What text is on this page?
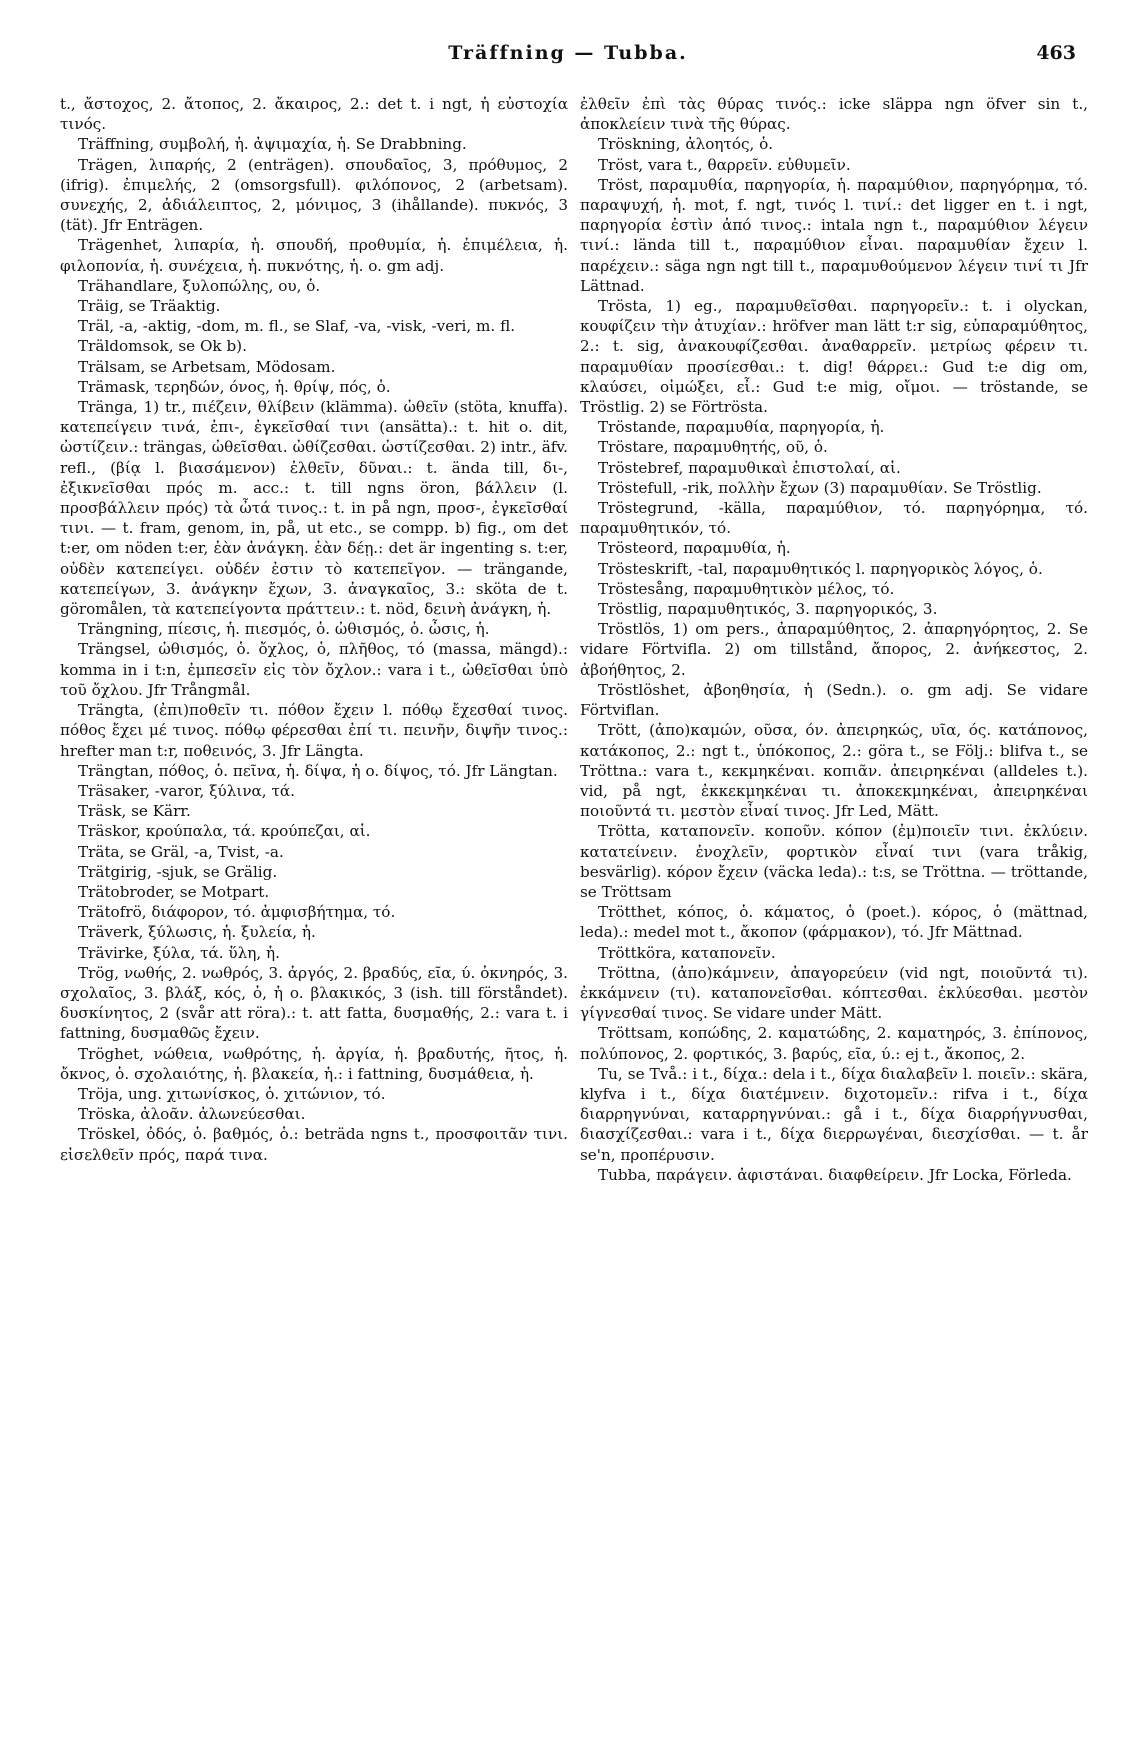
Träffning — Tubba.	463

t., ἄστοχος, 2. ἄτοπος, 2. ἄκαιρος, 2.: det t. i ngt, ἡ εὐστοχία τινός.

Träffning, συμβολή, ἡ. ἀψιμαχία, ἡ. Se Drabbning.

Trägen, λιπαρής, 2 (enträgen). σπουδαῖος, 3, πρόθυμος, 2 (ifrig). ἐπιμελής, 2 (omsorgsfull). φιλόπονος, 2 (arbetsam). συνεχής, 2, ἀδιάλειπτος, 2, μόνιμος, 3 (ihållande). πυκνός, 3 (tät). Jfr Enträgen.

Trägenhet, λιπαρία, ἡ. σπουδή, προθυμία, ἡ. ἐπιμέλεια, ἡ. φιλοπονία, ἡ. συνέχεια, ἡ. πυκνότης, ἡ. o. gm adj.

Trähandlare, ξυλοπώλης, ου, ὁ.

Träig, se Träaktig.

Träl, -a, -aktig, -dom, m. fl., se Slaf, -va, -visk, -veri, m. fl.

Träldomsok, se Ok b).

Trälsam, se Arbetsam, Mödosam.

Trämask, τερηδών, όνος, ἡ. θρίψ, πός, ὁ.

Tränga, 1) tr., πιέζειν, θλίβειν (klämma). ὠθεῖν (stöta, knuffa). κατεπείγειν τινά, ἐπι-, ἐγκεῖσθαί τινι (ansätta).: t. hit o. dit, ὠστίζειν.: trängas, ὠθεῖσθαι. ὠθίζεσθαι. ὠστίζεσθαι. 2) intr., äfv. refl., (βίᾳ l. βιασάμενον) ἐλθεῖν, δῦναι.: t. ända till, δι-, ἐξικνεῖσθαι πρός m. acc.: t. till ngns öron, βάλλειν (l. προσβάλλειν πρός) τὰ ὦτά τινος.: t. in på ngn, προσ-, ἐγκεῖσθαί τινι. — t. fram, genom, in, på, ut etc., se compp. b) fig., om det t:er, om nöden t:er, ἐὰν ἀνάγκη. ἐὰν δέῃ.: det är ingenting s. t:er, οὐδὲν κατεπείγει. οὐδέν ἐστιν τὸ κατεπεῖγον. — trängande, κατεπείγων, 3. ἀνάγκην ἔχων, 3. ἀναγκαῖος, 3.: sköta de t. göromålen, τὰ κατεπείγοντα πράττειν.: t. nöd, δεινὴ ἀνάγκη, ἡ.

Trängning, πίεσις, ἡ. πιεσμός, ὁ. ὠθισμός, ὁ. ὦσις, ἡ.

Trängsel, ὠθισμός, ὁ. ὄχλος, ὁ, πλῆθος, τό (massa, mängd).: komma in i t:n, ἐμπεσεῖν εἰς τὸν ὄχλον.: vara i t., ὠθεῖσθαι ὑπὸ τοῦ ὄχλου. Jfr Trångmål.

Trängta, (ἐπι)ποθεῖν τι. πόθον ἔχειν l. πόθῳ ἔχεσθαί τινος. πόθος ἔχει μέ τινος. πόθῳ φέρεσθαι ἐπί τι. πεινῆν, διψῆν τινος.: hrefter man t:r, ποθεινός, 3. Jfr Längta.

Trängtan, πόθος, ὁ. πεῖνα, ἡ. δίψα, ἡ o. δίψος, τό. Jfr Längtan.

Träsaker, -varor, ξύλινα, τά.

Träsk, se Kärr.

Träskor, κρούπαλα, τά. κρούπεζαι, αἱ.

Träta, se Gräl, -a, Tvist, -a.

Trätgirig, -sjuk, se Grälig.

Trätobroder, se Motpart.

Trätofrö, διάφορον, τό. ἀμφισβήτημα, τό.

Träverk, ξύλωσις, ἡ. ξυλεία, ἡ.

Trävirke, ξύλα, τά. ὕλη, ἡ.

Trög, νωθής, 2. νωθρός, 3. ἀργός, 2. βραδύς, εῖα, ύ. ὀκνηρός, 3. σχολαῖος, 3. βλάξ, κός, ὁ, ἡ o. βλακικός, 3 (ish. till förståndet). δυσκίνητος, 2 (svår att röra).: t. att fatta, δυσμαθής, 2.: vara t. i fattning, δυσμαθῶς ἔχειν.

Tröghet, νώθεια, νωθρότης, ἡ. ἀργία, ἡ. βραδυτής, ῆτος, ἡ. ὄκνος, ὁ. σχολαιότης, ἡ. βλακεία, ἡ.: i fattning, δυσμάθεια, ἡ.

Tröja, ung. χιτωνίσκος, ὁ. χιτώνιον, τό.

Tröska, ἀλοᾶν. ἀλωνεύεσθαι.

Tröskel, ὀδός, ὁ. βαθμός, ὁ.: beträda ngns t., προσφοιτᾶν τινι. εἰσελθεῖν πρός, παρά τινα.

ἐλθεῖν ἐπὶ τὰς θύρας τινός.: icke släppa ngn öfver sin t., ἀποκλείειν τινὰ τῆς θύρας.

Tröskning, ἀλοητός, ὁ.

Tröst, vara t., θαρρεῖν. εὐθυμεῖν.

Tröst, παραμυθία, παρηγορία, ἡ. παραμύθιον, παρηγόρημα, τό. παραψυχή, ἡ. mot, f. ngt, τινός l. τινί.: det ligger en t. i ngt, παρηγορία ἐστὶν ἀπό τινος.: intala ngn t., παραμύθιον λέγειν τινί.: lända till t., παραμύθιον εἶναι. παραμυθίαν ἔχειν l. παρέχειν.: säga ngn ngt till t., παραμυθούμενον λέγειν τινί τι Jfr Lättnad.

Trösta, 1) eg., παραμυθεῖσθαι. παρηγορεῖν.: t. i olyckan, κουφίζειν τὴν ἀτυχίαν.: hröfver man lätt t:r sig, εὐπαραμύθητος, 2.: t. sig, ἀνακουφίζεσθαι. ἀναθαρρεῖν. μετρίως φέρειν τι. παραμυθίαν προσίεσθαι.: t. dig! θάρρει.: Gud t:e dig om, κλαύσει, οἰμώξει, εἶ.: Gud t:e mig, οἴμοι. — tröstande, se Tröstlig. 2) se Förtrösta.

Tröstande, παραμυθία, παρηγορία, ἡ.

Tröstare, παραμυθητής, οῦ, ὁ.

Tröstebref, παραμυθικαὶ ἐπιστολαί, αἱ.

Tröstefull, -rik, πολλὴν ἔχων (3) παραμυθίαν. Se Tröstlig.

Tröstegrund, -källa, παραμύθιον, τό. παρηγόρημα, τό. παραμυθητικόν, τό.

Trösteord, παραμυθία, ἡ.

Trösteskrift, -tal, παραμυθητικός l. παρηγορικὸς λόγος, ὁ.

Tröstesång, παραμυθητικὸν μέλος, τό.

Tröstlig, παραμυθητικός, 3. παρηγορικός, 3.

Tröstlös, 1) om pers., ἀπαραμύθητος, 2. ἀπαρηγόρητος, 2. Se vidare Förtvifla. 2) om tillstånd, ἄπορος, 2. ἀνήκεστος, 2. ἀβοήθητος, 2.

Tröstlöshet, ἀβοηθησία, ἡ (Sedn.). o. gm adj. Se vidare Förtviflan.

Trött, (ἀπο)καμών, οῦσα, όν. ἀπειρηκώς, υῖα, ός. κατάπονος, κατάκοπος, 2.: ngt t., ὑπόκοπος, 2.: göra t., se Följ.: blifva t., se Tröttna.: vara t., κεκμηκέναι. κοπιᾶν. ἀπειρηκέναι (alldeles t.). vid, på ngt, ἐκκεκμηκέναι τι. ἀποκεκμηκέναι, ἀπειρηκέναι ποιοῦντά τι. μεστὸν εἶναί τινος. Jfr Led, Mätt.

Trötta, καταπονεῖν. κοποῦν. κόπον (ἐμ)ποιεῖν τινι. ἐκλύειν. κατατείνειν. ἐνοχλεῖν, φορτικὸν εἶναί τινι (vara tråkig, besvärlig). κόρον ἔχειν (väcka leda).: t:s, se Tröttna. — tröttande, se Tröttsam

Trötthet, κόπος, ὁ. κάματος, ὁ (poet.). κόρος, ὁ (mättnad, leda).: medel mot t., ἄκοπον (φάρμακον), τό. Jfr Mättnad.

Tröttköra, καταπονεῖν.

Tröttna, (ἀπο)κάμνειν, ἀπαγορεύειν (vid ngt, ποιοῦντά τι). ἐκκάμνειν (τι). καταπονεῖσθαι. κόπτεσθαι. ἐκλύεσθαι. μεστὸν γίγνεσθαί τινος. Se vidare under Mätt.

Tröttsam, κοπώδης, 2. καματώδης, 2. καματηρός, 3. ἐπίπονος, πολύπονος, 2. φορτικός, 3. βαρύς, εῖα, ύ.: ej t., ἄκοπος, 2.

Tu, se Två.: i t., δίχα.: dela i t., δίχα διαλαβεῖν l. ποιεῖν.: skära, klyfva i t., δίχα διατέμνειν. διχοτομεῖν.: rifva i t., δίχα διαρρηγνύναι, καταρρηγνύναι.: gå i t., δίχα διαρρήγνυσθαι, διασχίζεσθαι.: vara i t., δίχα διερρωγέναι, διεσχίσθαι. — t. år se'n, προπέρυσιν.

Tubba, παράγειν. ἀφιστάναι. διαφθείρειν. Jfr Locka, Förleda.
